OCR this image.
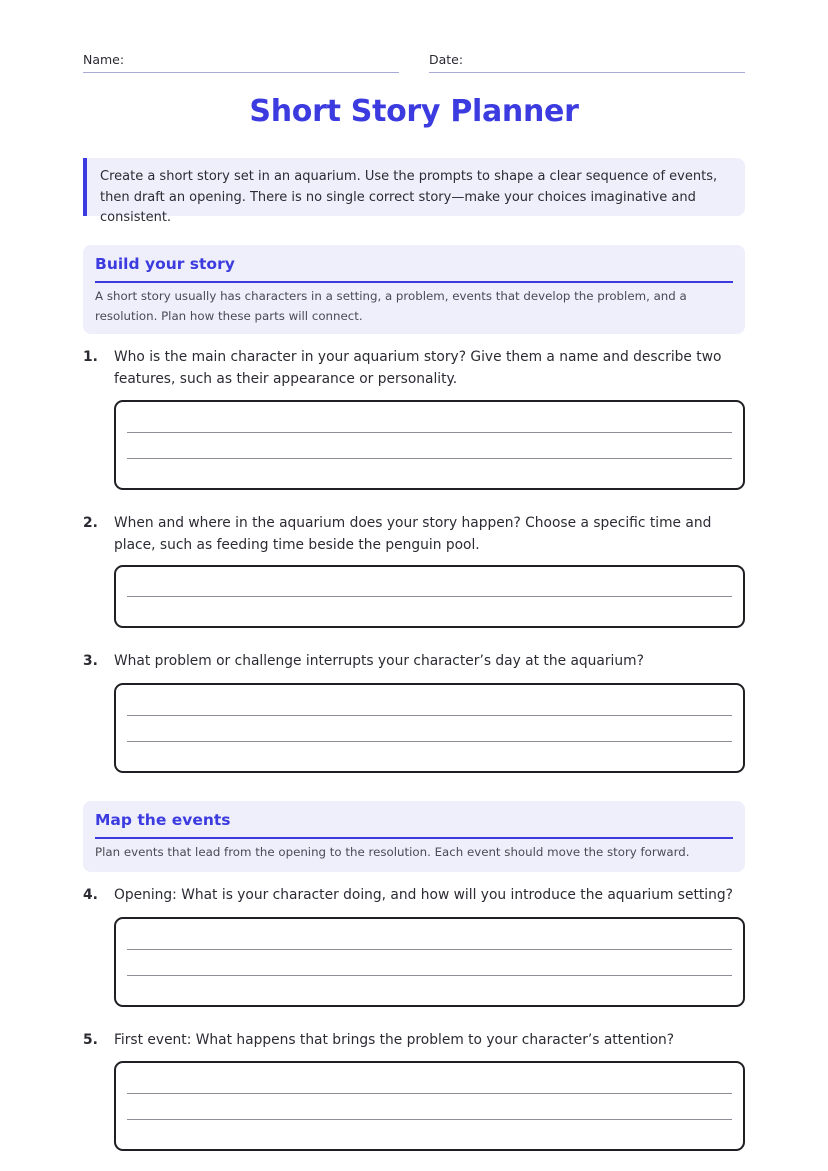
Name:	Date:
Short Story Planner
Create a short story set in an aquarium. Use the prompts to shape a clear sequence of events, then draft an opening. There is no single correct story—make your choices imaginative and consistent.
Build your story
A short story usually has characters in a setting, a problem, events that develop the problem, and a resolution. Plan how these parts will connect.
1. Who is the main character in your aquarium story? Give them a name and describe two features, such as their appearance or personality.
2. When and where in the aquarium does your story happen? Choose a specific time and place, such as feeding time beside the penguin pool.
3. What problem or challenge interrupts your character’s day at the aquarium?
Map the events
Plan events that lead from the opening to the resolution. Each event should move the story forward.
4. Opening: What is your character doing, and how will you introduce the aquarium setting?
5. First event: What happens that brings the problem to your character’s attention?
